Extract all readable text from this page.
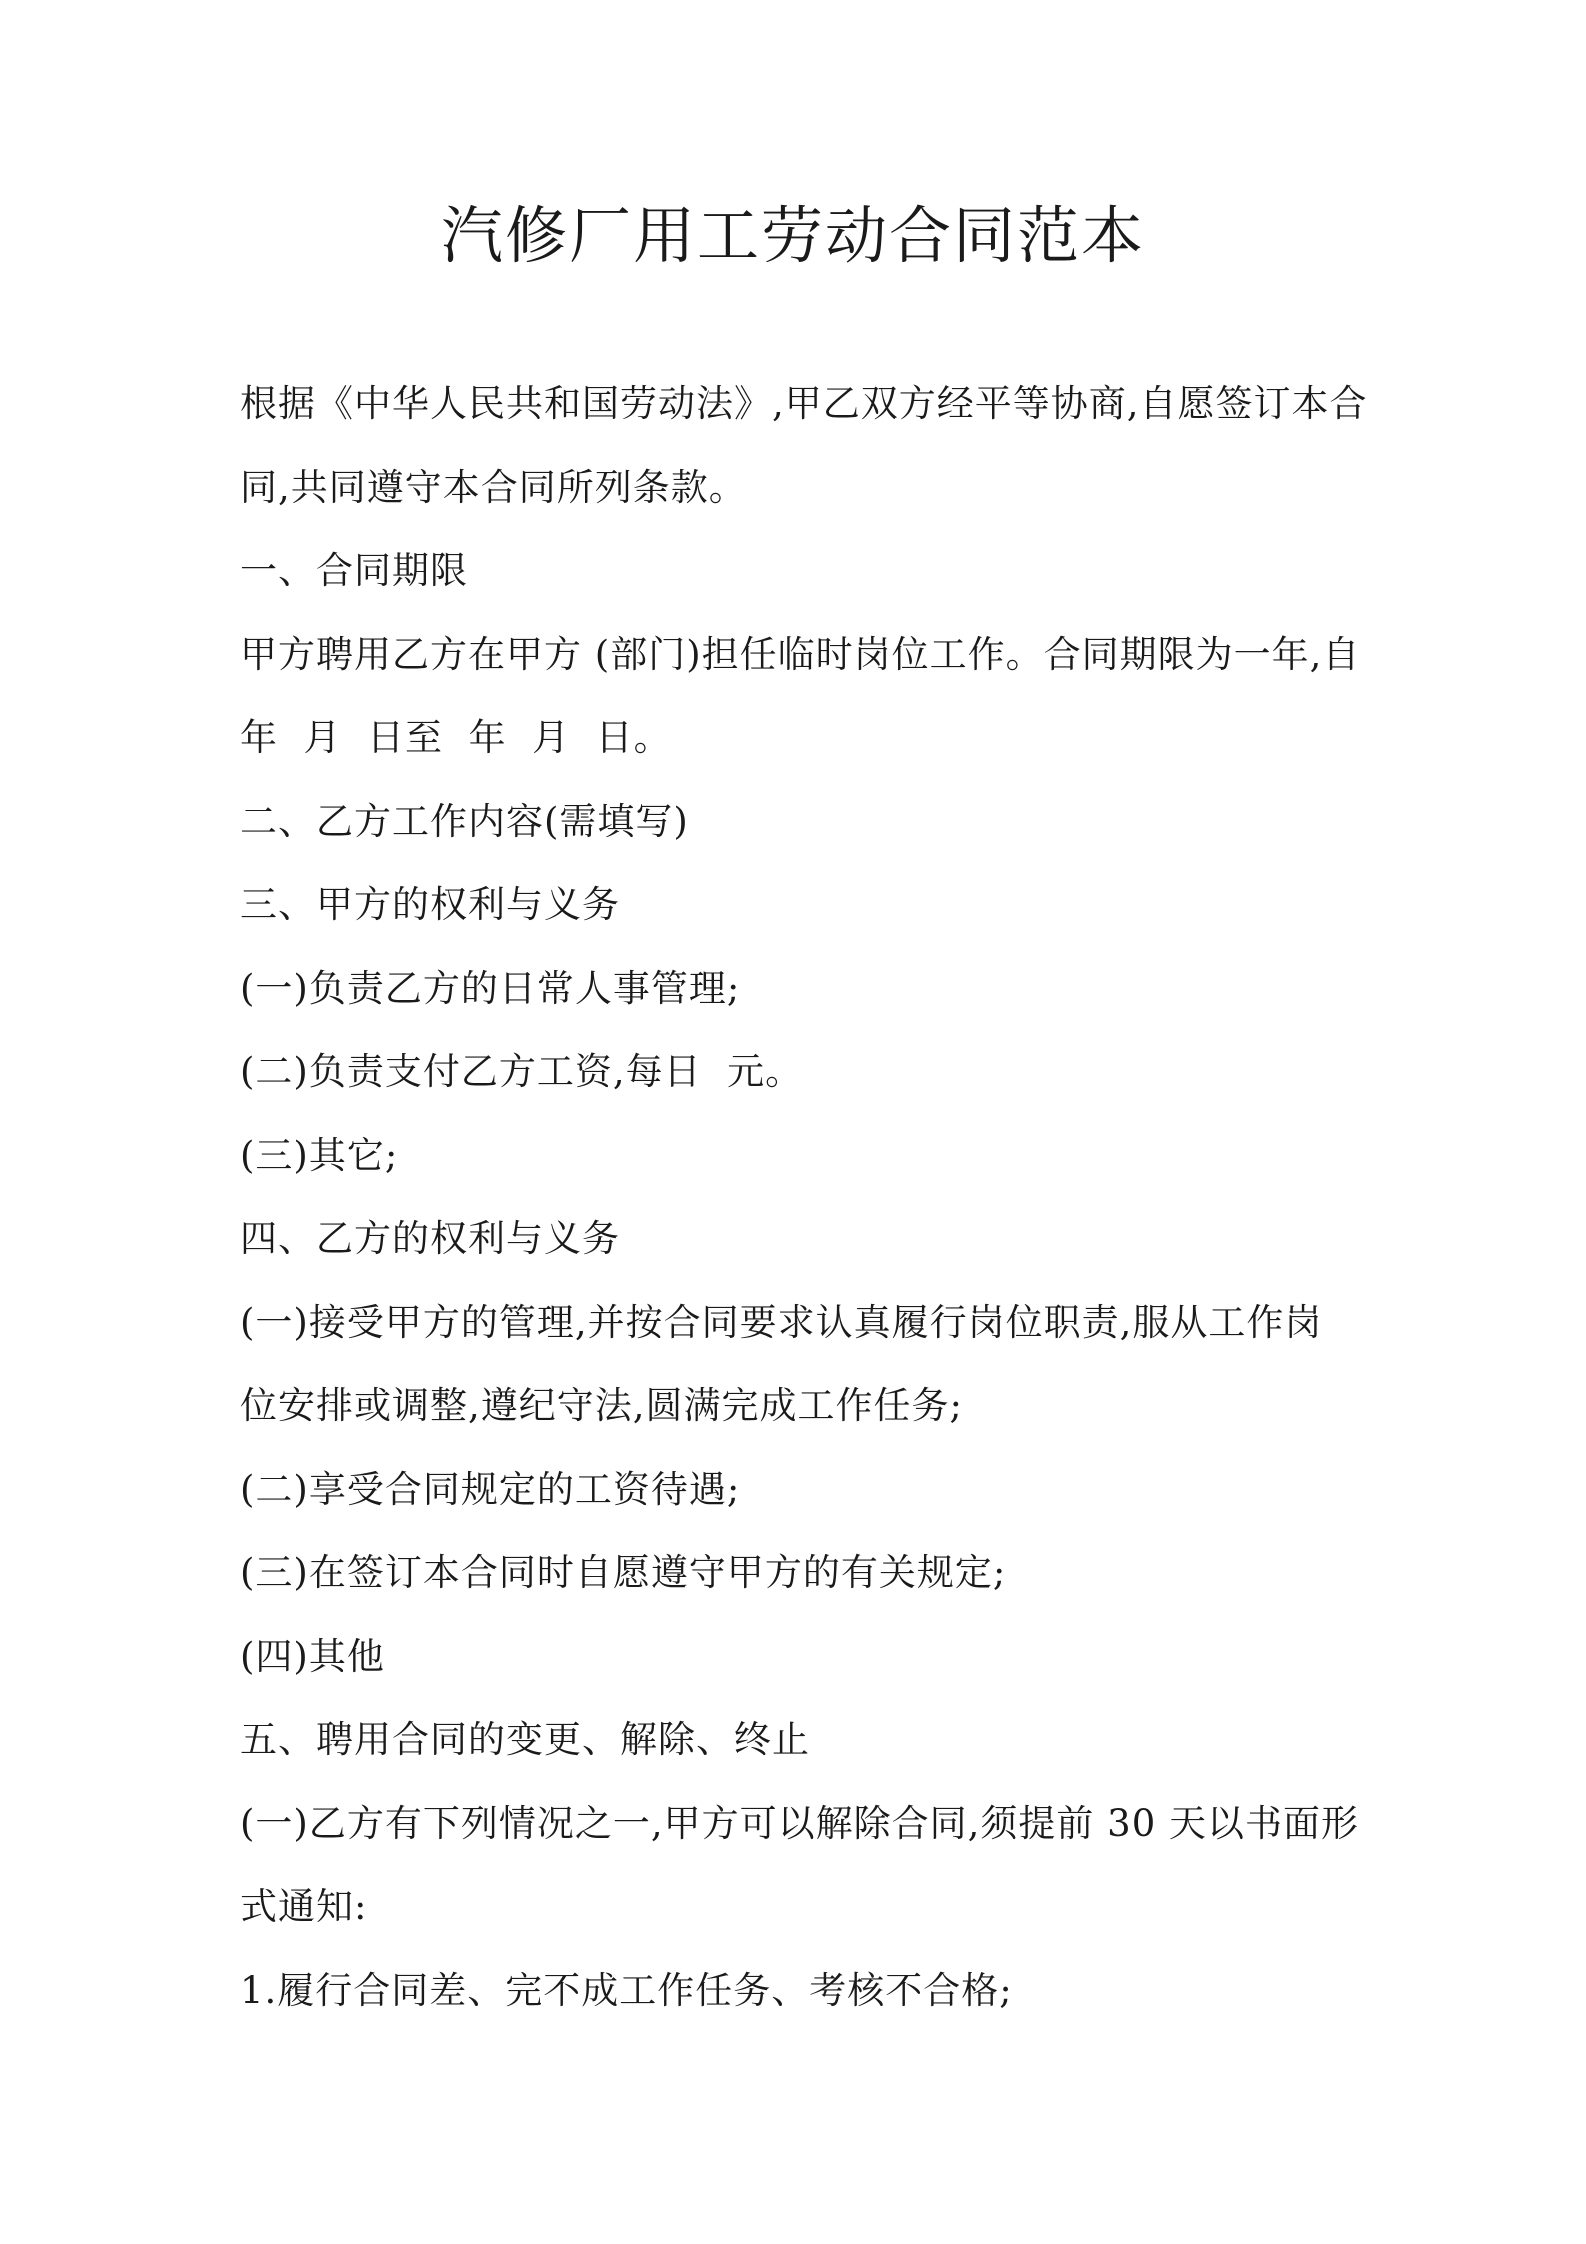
汽修厂用工劳动合同范本
根据《中华人民共和国劳动法》,甲乙双方经平等协商,自愿签订本合
同,共同遵守本合同所列条款。
一、合同期限
甲方聘用乙方在甲方 (部门)担任临时岗位工作。合同期限为一年,自
年  月  日至  年  月  日。
二、乙方工作内容(需填写)
三、甲方的权利与义务
(一)负责乙方的日常人事管理;
(二)负责支付乙方工资,每日  元。
(三)其它;
四、乙方的权利与义务
(一)接受甲方的管理,并按合同要求认真履行岗位职责,服从工作岗
位安排或调整,遵纪守法,圆满完成工作任务;
(二)享受合同规定的工资待遇;
(三)在签订本合同时自愿遵守甲方的有关规定;
(四)其他
五、聘用合同的变更、解除、终止
(一)乙方有下列情况之一,甲方可以解除合同,须提前 30 天以书面形
式通知:
1.履行合同差、完不成工作任务、考核不合格;
